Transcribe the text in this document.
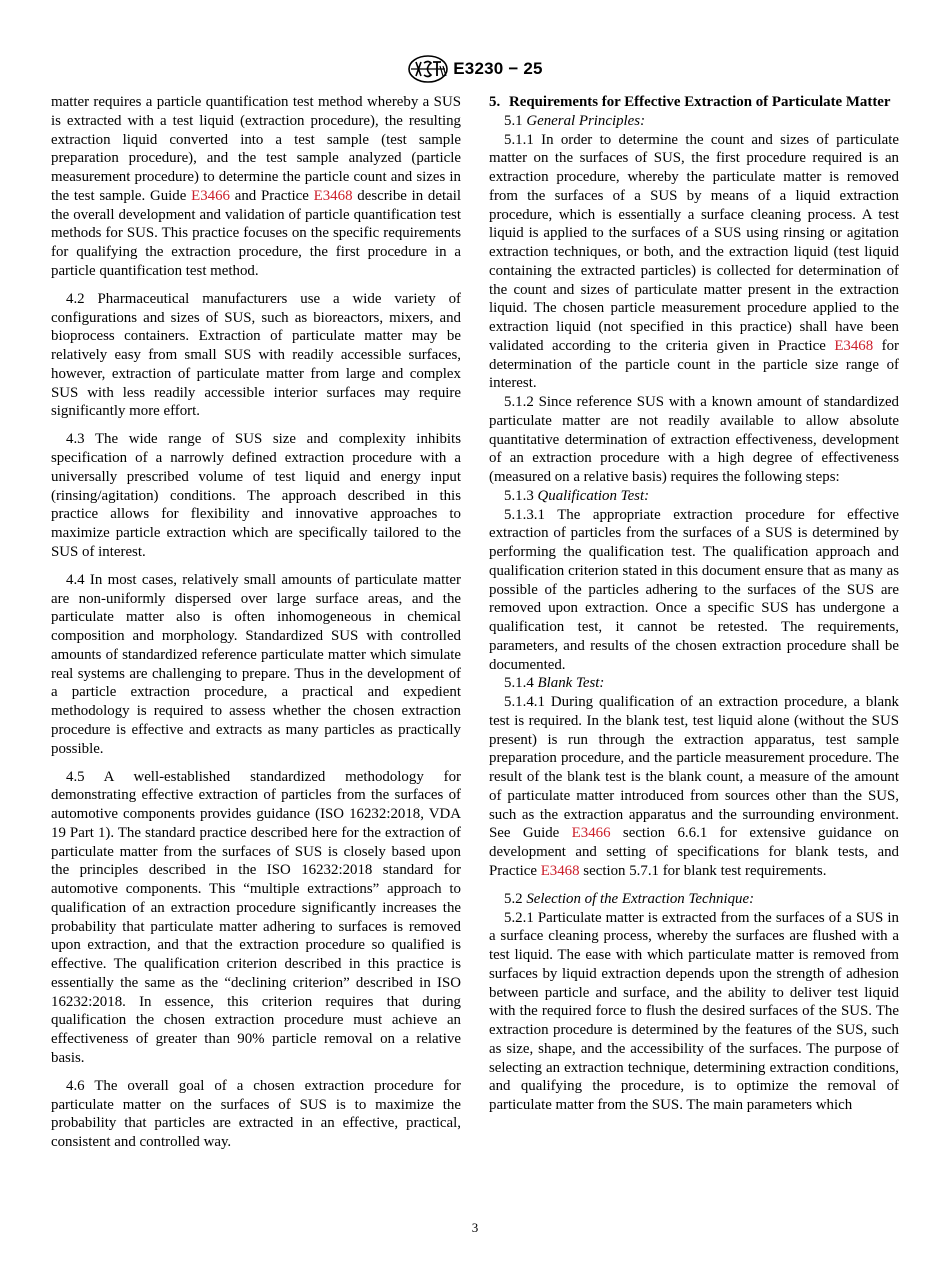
E3230 − 25

matter requires a particle quantification test method whereby a SUS is extracted with a test liquid (extraction procedure), the resulting extraction liquid converted into a test sample (test sample preparation procedure), and the test sample analyzed (particle measurement procedure) to determine the particle count and sizes in the test sample. Guide E3466 and Practice E3468 describe in detail the overall development and validation of particle quantification test methods for SUS. This practice focuses on the specific requirements for qualifying the extraction procedure, the first procedure in a particle quantification test method.

4.2 Pharmaceutical manufacturers use a wide variety of configurations and sizes of SUS, such as bioreactors, mixers, and bioprocess containers. Extraction of particulate matter may be relatively easy from small SUS with readily accessible surfaces, however, extraction of particulate matter from large and complex SUS with less readily accessible interior surfaces may require significantly more effort.

4.3 The wide range of SUS size and complexity inhibits specification of a narrowly defined extraction procedure with a universally prescribed volume of test liquid and energy input (rinsing/agitation) conditions. The approach described in this practice allows for flexibility and innovative approaches to maximize particle extraction which are specifically tailored to the SUS of interest.

4.4 In most cases, relatively small amounts of particulate matter are non-uniformly dispersed over large surface areas, and the particulate matter also is often inhomogeneous in chemical composition and morphology. Standardized SUS with controlled amounts of standardized reference particulate matter which simulate real systems are challenging to prepare. Thus in the development of a particle extraction procedure, a practical and expedient methodology is required to assess whether the chosen extraction procedure is effective and extracts as many particles as practically possible.

4.5 A well-established standardized methodology for demonstrating effective extraction of particles from the surfaces of automotive components provides guidance (ISO 16232:2018, VDA 19 Part 1). The standard practice described here for the extraction of particulate matter from the surfaces of SUS is closely based upon the principles described in the ISO 16232:2018 standard for automotive components. This “multiple extractions” approach to qualification of an extraction procedure significantly increases the probability that particulate matter adhering to surfaces is removed upon extraction, and that the extraction procedure so qualified is effective. The qualification criterion described in this practice is essentially the same as the “declining criterion” described in ISO 16232:2018. In essence, this criterion requires that during qualification the chosen extraction procedure must achieve an effectiveness of greater than 90% particle removal on a relative basis.

4.6 The overall goal of a chosen extraction procedure for particulate matter on the surfaces of SUS is to maximize the probability that particles are extracted in an effective, practical, consistent and controlled way.

5. Requirements for Effective Extraction of Particulate Matter

5.1 General Principles:

5.1.1 In order to determine the count and sizes of particulate matter on the surfaces of SUS, the first procedure required is an extraction procedure, whereby the particulate matter is removed from the surfaces of a SUS by means of a liquid extraction procedure, which is essentially a surface cleaning process. A test liquid is applied to the surfaces of a SUS using rinsing or agitation extraction techniques, or both, and the extraction liquid (test liquid containing the extracted particles) is collected for determination of the count and sizes of particulate matter present in the extraction liquid. The chosen particle measurement procedure applied to the extraction liquid (not specified in this practice) shall have been validated according to the criteria given in Practice E3468 for determination of the particle count in the particle size range of interest.

5.1.2 Since reference SUS with a known amount of standardized particulate matter are not readily available to allow absolute quantitative determination of extraction effectiveness, development of an extraction procedure with a high degree of effectiveness (measured on a relative basis) requires the following steps:

5.1.3 Qualification Test:

5.1.3.1 The appropriate extraction procedure for effective extraction of particles from the surfaces of a SUS is determined by performing the qualification test. The qualification approach and qualification criterion stated in this document ensure that as many as possible of the particles adhering to the surfaces of the SUS are removed upon extraction. Once a specific SUS has undergone a qualification test, it cannot be retested. The requirements, parameters, and results of the chosen extraction procedure shall be documented.

5.1.4 Blank Test:

5.1.4.1 During qualification of an extraction procedure, a blank test is required. In the blank test, test liquid alone (without the SUS present) is run through the extraction apparatus, test sample preparation procedure, and the particle measurement procedure. The result of the blank test is the blank count, a measure of the amount of particulate matter introduced from sources other than the SUS, such as the extraction apparatus and the surrounding environment. See Guide E3466 section 6.6.1 for extensive guidance on development and setting of specifications for blank tests, and Practice E3468 section 5.7.1 for blank test requirements.

5.2 Selection of the Extraction Technique:

5.2.1 Particulate matter is extracted from the surfaces of a SUS in a surface cleaning process, whereby the surfaces are flushed with a test liquid. The ease with which particulate matter is removed from surfaces by liquid extraction depends upon the strength of adhesion between particle and surface, and the ability to deliver test liquid with the required force to flush the desired surfaces of the SUS. The extraction procedure is determined by the features of the SUS, such as size, shape, and the accessibility of the surfaces. The purpose of selecting an extraction technique, determining extraction conditions, and qualifying the procedure, is to optimize the removal of particulate matter from the SUS. The main parameters which

3
